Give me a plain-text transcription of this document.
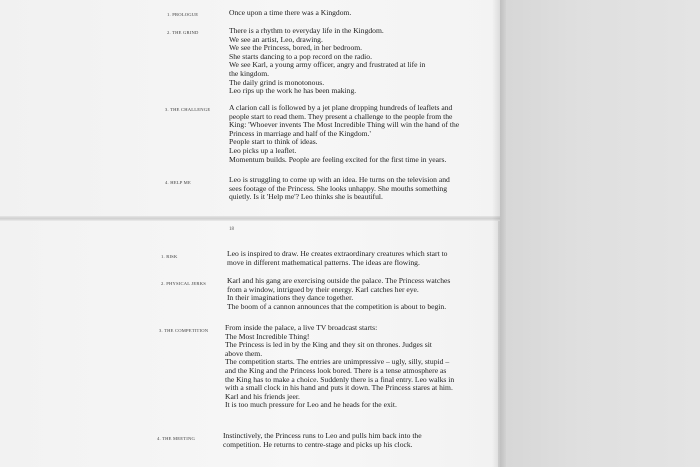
1. PROLOGUE	Once upon a time there was a Kingdom.

2. THE GRIND	There is a rhythm to everyday life in the Kingdom.
We see an artist, Leo, drawing.
We see the Princess, bored, in her bedroom.
She starts dancing to a pop record on the radio.
We see Karl, a young army officer, angry and frustrated at life in
the kingdom.
The daily grind is monotonous.
Leo rips up the work he has been making.

3. THE CHALLENGE	A clarion call is followed by a jet plane dropping hundreds of leaflets and
people start to read them. They present a challenge to the people from the
King: 'Whoever invents The Most Incredible Thing will win the hand of the
Princess in marriage and half of the Kingdom.'
People start to think of ideas.
Leo picks up a leaflet.
Momentum builds. People are feeling excited for the first time in years.

4. HELP ME	Leo is struggling to come up with an idea. He turns on the television and
sees footage of the Princess. She looks unhappy. She mouths something
quietly. Is it 'Help me'? Leo thinks she is beautiful.

18
1. RISK	Leo is inspired to draw. He creates extraordinary creatures which start to
move in different mathematical patterns. The ideas are flowing.

2. PHYSICAL JERKS	Karl and his gang are exercising outside the palace. The Princess watches
from a window, intrigued by their energy. Karl catches her eye.
In their imaginations they dance together.
The boom of a cannon announces that the competition is about to begin.

3. THE COMPETITION	From inside the palace, a live TV broadcast starts:
The Most Incredible Thing!
The Princess is led in by the King and they sit on thrones. Judges sit
above them.
The competition starts. The entries are unimpressive – ugly, silly, stupid –
and the King and the Princess look bored. There is a tense atmosphere as
the King has to make a choice. Suddenly there is a final entry. Leo walks in
with a small clock in his hand and puts it down. The Princess stares at him.
Karl and his friends jeer.
It is too much pressure for Leo and he heads for the exit.

4. THE MEETING	Instinctively, the Princess runs to Leo and pulls him back into the
competition. He returns to centre-stage and picks up his clock.
